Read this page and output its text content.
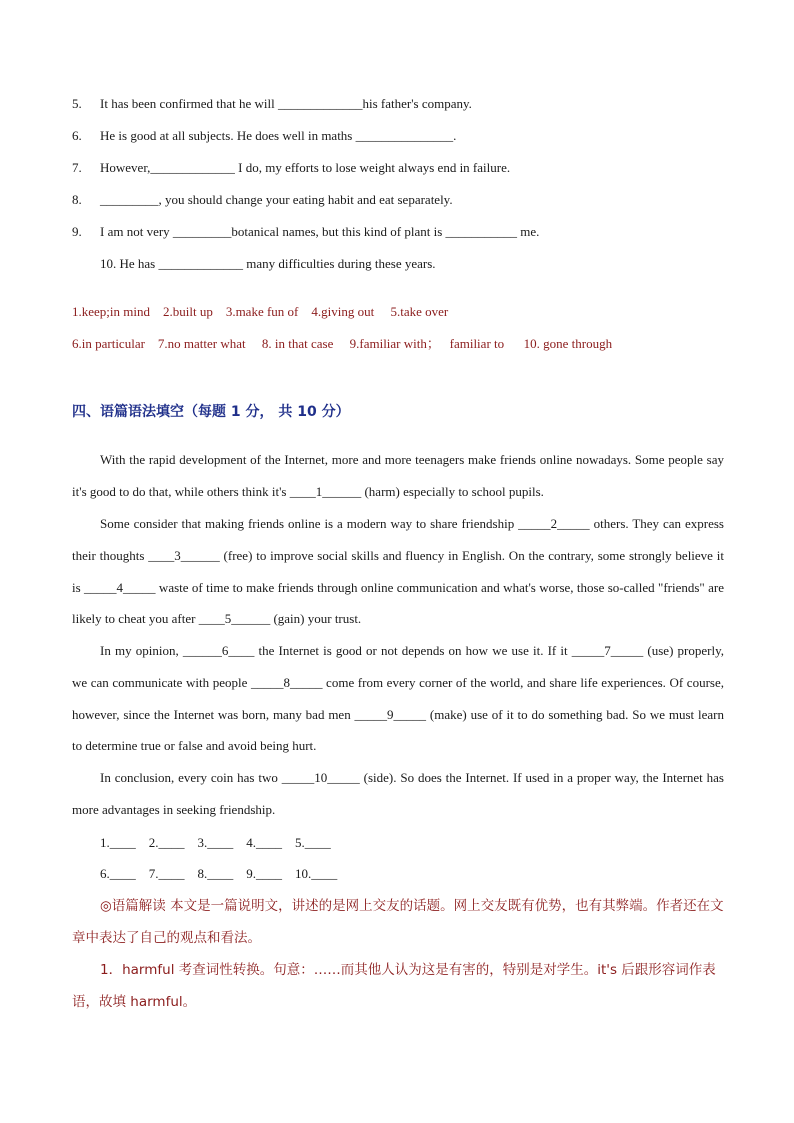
5. It has been confirmed that he will _____________his father's company.
6. He is good at all subjects. He does well in maths _______________.
7. However,_____________ I do, my efforts to lose weight always end in failure.
8. _________, you should change your eating habit and eat separately.
9. I am not very _________botanical names, but this kind of plant is ___________ me.
10. He has _____________ many difficulties during these years.
1.keep;in mind    2.built up    3.make fun of    4.giving out     5.take over
6.in particular    7.no matter what     8. in that case     9.familiar with；   familiar to      10. gone through
四、语篇语法填空（每题 1 分， 共 10 分）
With the rapid development of the Internet, more and more teenagers make friends online nowadays. Some people say it's good to do that, while others think it's ____1______ (harm) especially to school pupils.
Some consider that making friends online is a modern way to share friendship _____2_____ others. They can express their thoughts ____3______ (free) to improve social skills and fluency in English. On the contrary, some strongly believe it is _____4_____ waste of time to make friends through online communication and what's worse, those so-called "friends" are likely to cheat you after ____5______ (gain) your trust.
In my opinion, ______6____ the Internet is good or not depends on how we use it. If it _____7_____ (use) properly, we can communicate with people _____8_____ come from every corner of the world, and share life experiences. Of course, however, since the Internet was born, many bad men _____9_____ (make) use of it to do something bad. So we must learn to determine true or false and avoid being hurt.
In conclusion, every coin has two _____10_____ (side). So does the Internet. If used in a proper way, the Internet has more advantages in seeking friendship.
1.____    2.____    3.____    4.____    5.____
6.____    7.____    8.____    9.____    10.____
◎语篇解读 本文是一篇说明文，讲述的是网上交友的话题。网上交友既有优势，也有其弊端。作者还在文章中表达了自己的观点和看法。
1．harmful 考查词性转换。句意：……而其他人认为这是有害的，特别是对学生。it's 后跟形容词作表语，故填 harmful。
